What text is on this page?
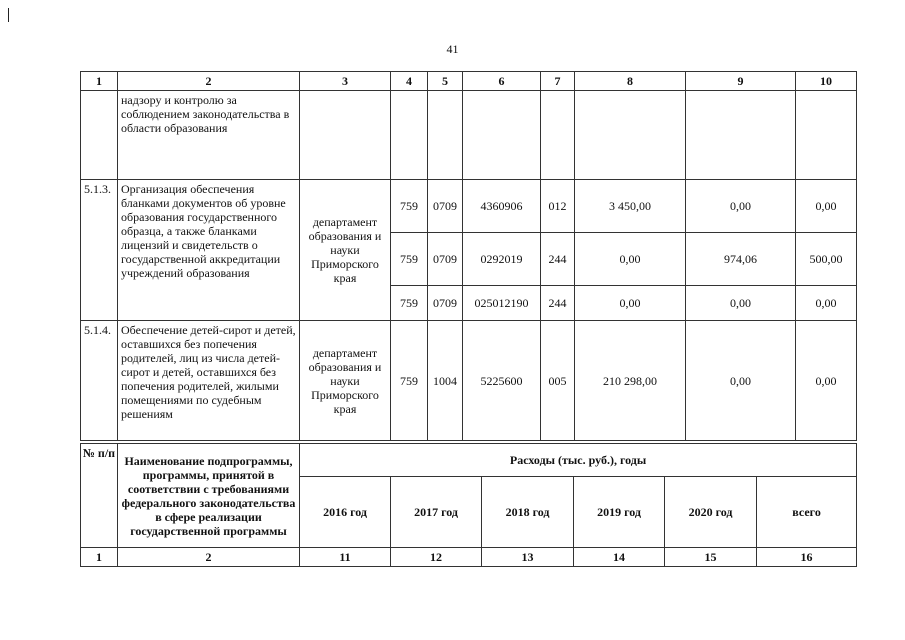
41
1	2	3	4	5	6	7	8	9	10
	надзору и контролю за соблюдением законодательства в области образования								
5.1.3.	Организация обеспечения бланками документов об уровне образования государственного образца, а также бланками лицензий и свидетельств о государственной аккредитации учреждений образования	департамент образования и науки Приморского края	759	0709	4360906	012	3 450,00	0,00	0,00
			759	0709	0292019	244	0,00	974,06	500,00
			759	0709	025012190	244	0,00	0,00	0,00
5.1.4.	Обеспечение детей-сирот и детей, оставшихся без попечения родителей, лиц из числа детей-сирот и детей, оставшихся без попечения родителей, жилыми помещениями по судебным решениям	департамент образования и науки Приморского края	759	1004	5225600	005	210 298,00	0,00	0,00
№ п/п	Наименование подпрограммы, программы, принятой в соответствии с требованиями федерального законодательства в сфере реализации государственной программы	Расходы (тыс. руб.), годы					
		2016 год	2017 год	2018 год	2019 год	2020 год	всего
1	2	11	12	13	14	15	16
